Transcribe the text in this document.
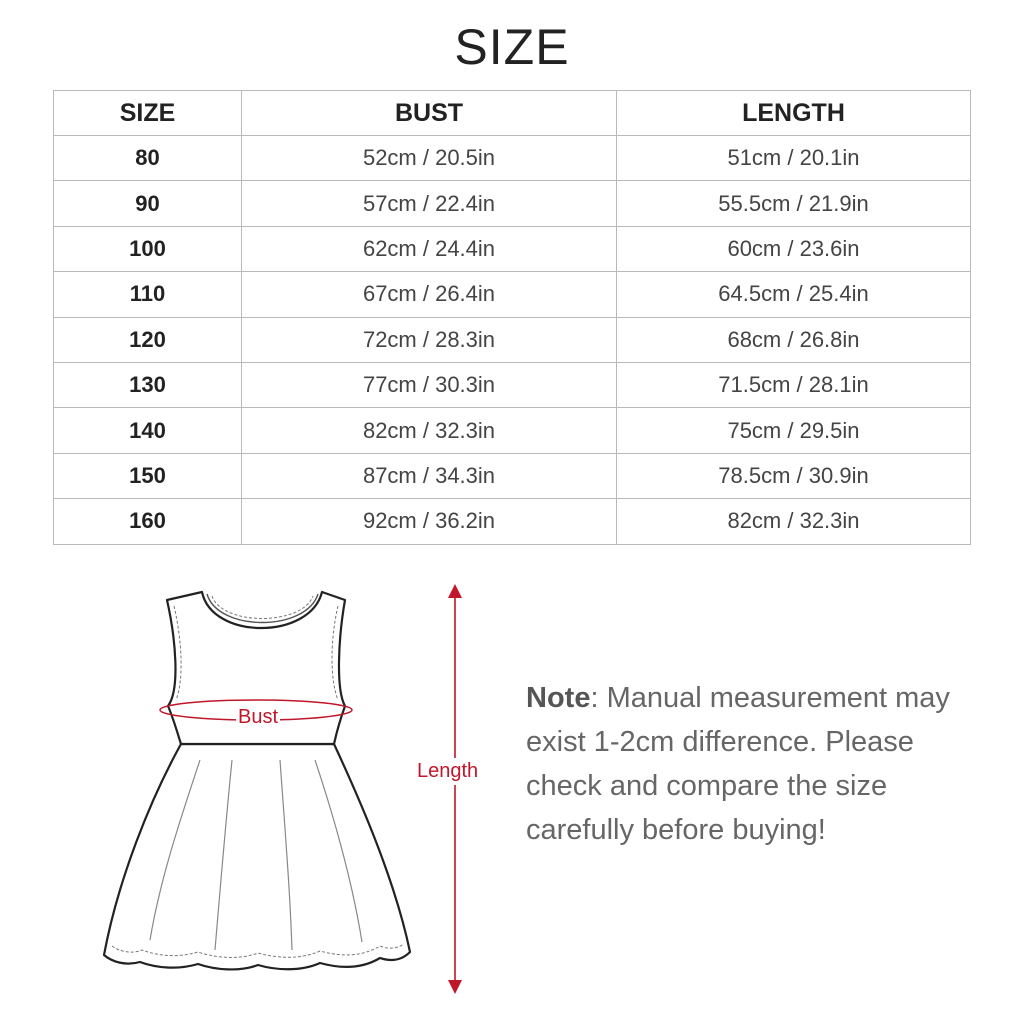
SIZE
SIZE	BUST	LENGTH
80	52cm / 20.5in	51cm / 20.1in
90	57cm / 22.4in	55.5cm / 21.9in
100	62cm / 24.4in	60cm / 23.6in
110	67cm / 26.4in	64.5cm / 25.4in
120	72cm / 28.3in	68cm / 26.8in
130	77cm / 30.3in	71.5cm / 28.1in
140	82cm / 32.3in	75cm / 29.5in
150	87cm / 34.3in	78.5cm / 30.9in
160	92cm / 36.2in	82cm / 32.3in
Bust
Length
Note: Manual measurement may exist 1-2cm difference. Please check and compare the size carefully before buying!
